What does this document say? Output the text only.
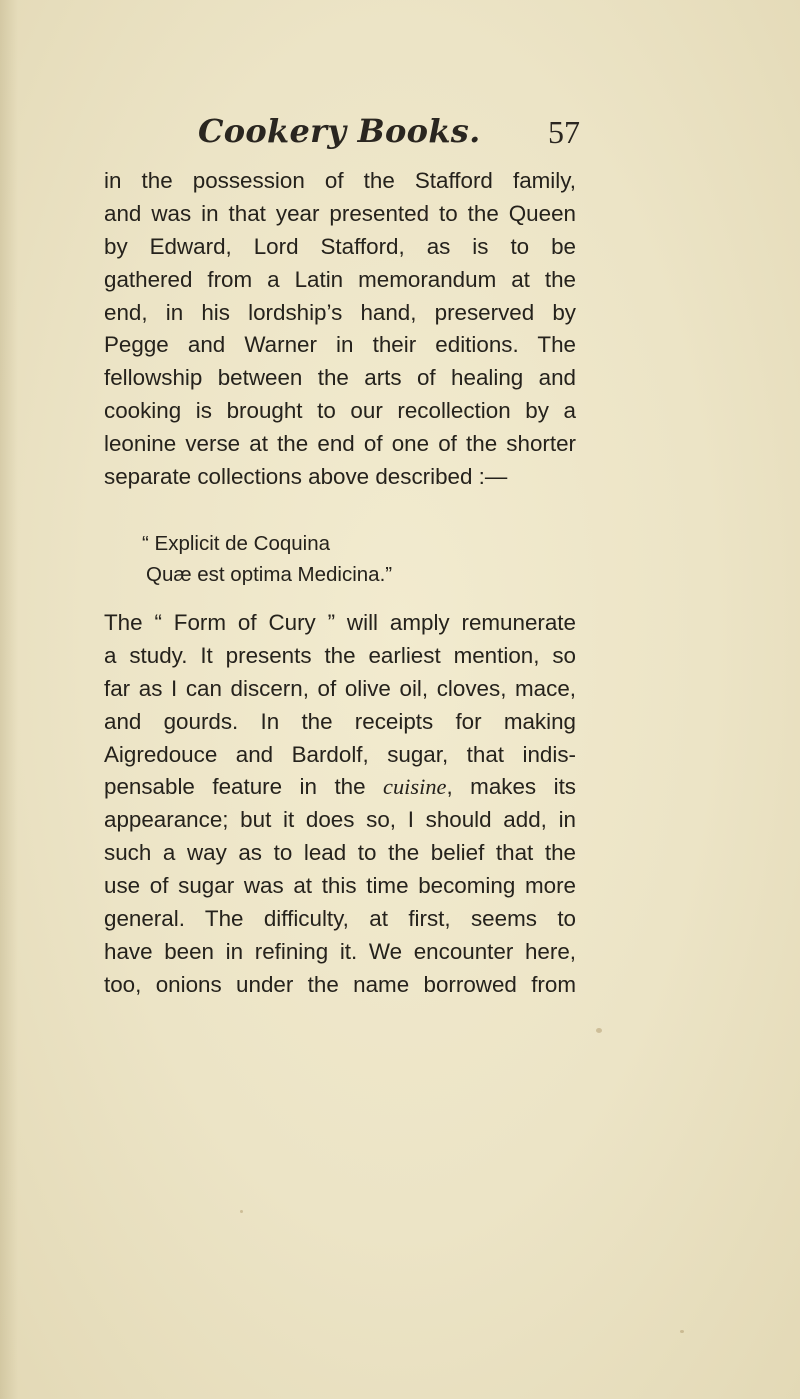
Cookery Books. 57
in the possession of the Stafford family,
and was in that year presented to the Queen
by Edward, Lord Stafford, as is to be
gathered from a Latin memorandum at the
end, in his lordship’s hand, preserved by
Pegge and Warner in their editions. The
fellowship between the arts of healing and
cooking is brought to our recollection by a
leonine verse at the end of one of the shorter
separate collections above described :—
“ Explicit de Coquina
Quæ est optima Medicina.”
The “ Form of Cury ” will amply remunerate
a study. It presents the earliest mention, so
far as I can discern, of olive oil, cloves, mace,
and gourds. In the receipts for making
Aigredouce and Bardolf, sugar, that indis-
pensable feature in the cuisine, makes its
appearance; but it does so, I should add, in
such a way as to lead to the belief that the
use of sugar was at this time becoming more
general. The difficulty, at first, seems to
have been in refining it. We encounter here,
too, onions under the name borrowed from
